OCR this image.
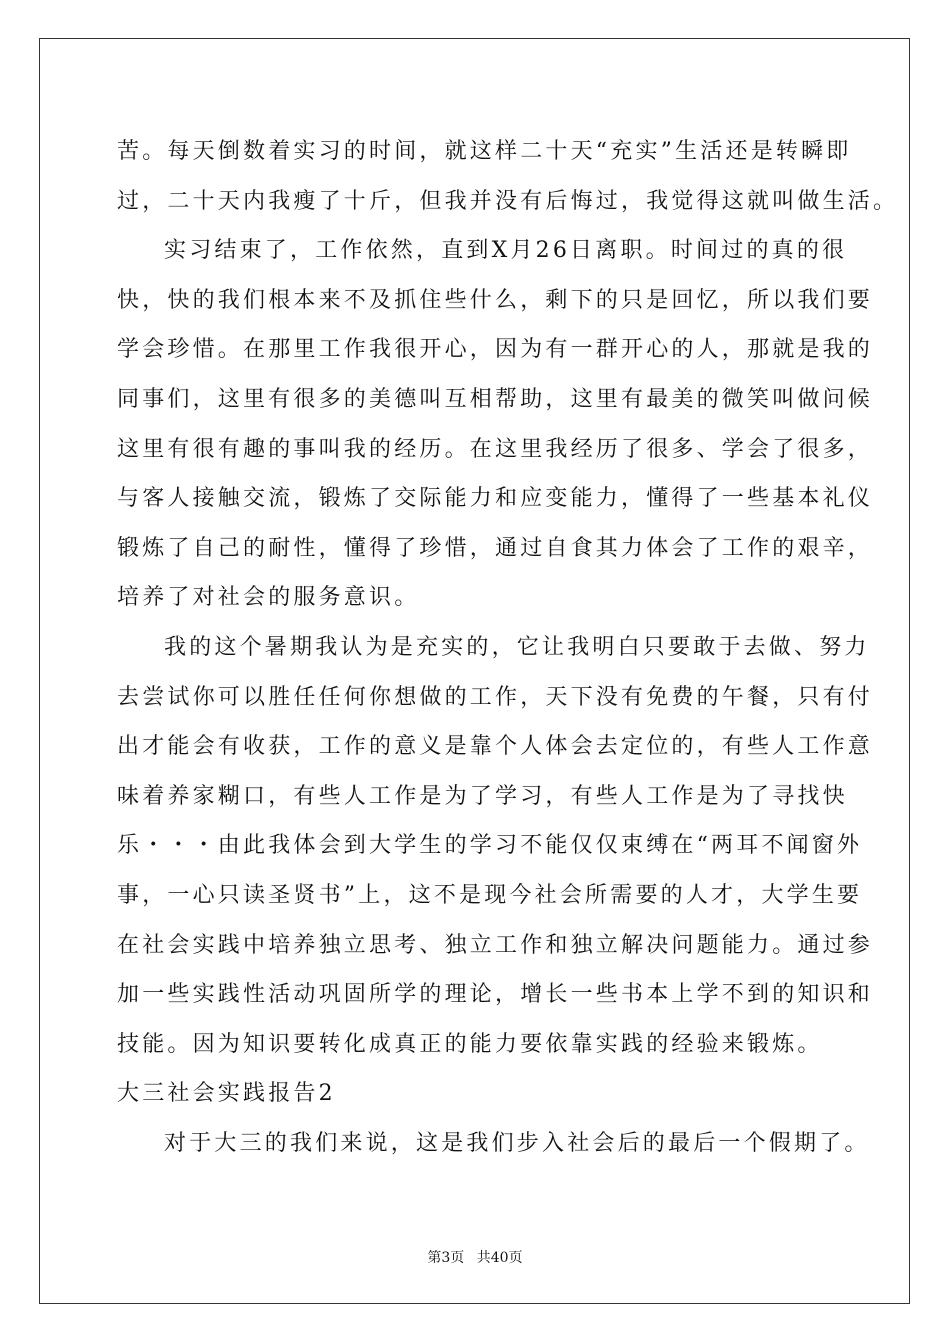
苦。每天倒数着实习的时间，就这样二十天“充实”生活还是转瞬即
过，二十天内我瘦了十斤，但我并没有后悔过，我觉得这就叫做生活。
实习结束了，工作依然，直到X月26日离职。时间过的真的很
快，快的我们根本来不及抓住些什么，剩下的只是回忆，所以我们要
学会珍惜。在那里工作我很开心，因为有一群开心的人，那就是我的
同事们，这里有很多的美德叫互相帮助，这里有最美的微笑叫做问候
这里有很有趣的事叫我的经历。在这里我经历了很多、学会了很多，
与客人接触交流，锻炼了交际能力和应变能力，懂得了一些基本礼仪
锻炼了自己的耐性，懂得了珍惜，通过自食其力体会了工作的艰辛，
培养了对社会的服务意识。
我的这个暑期我认为是充实的，它让我明白只要敢于去做、努力
去尝试你可以胜任任何你想做的工作，天下没有免费的午餐，只有付
出才能会有收获，工作的意义是靠个人体会去定位的，有些人工作意
味着养家糊口，有些人工作是为了学习，有些人工作是为了寻找快
乐・・・由此我体会到大学生的学习不能仅仅束缚在“两耳不闻窗外
事，一心只读圣贤书”上，这不是现今社会所需要的人才，大学生要
在社会实践中培养独立思考、独立工作和独立解决问题能力。通过参
加一些实践性活动巩固所学的理论，增长一些书本上学不到的知识和
技能。因为知识要转化成真正的能力要依靠实践的经验来锻炼。
大三社会实践报告2
对于大三的我们来说，这是我们步入社会后的最后一个假期了。
第3页 共40页
